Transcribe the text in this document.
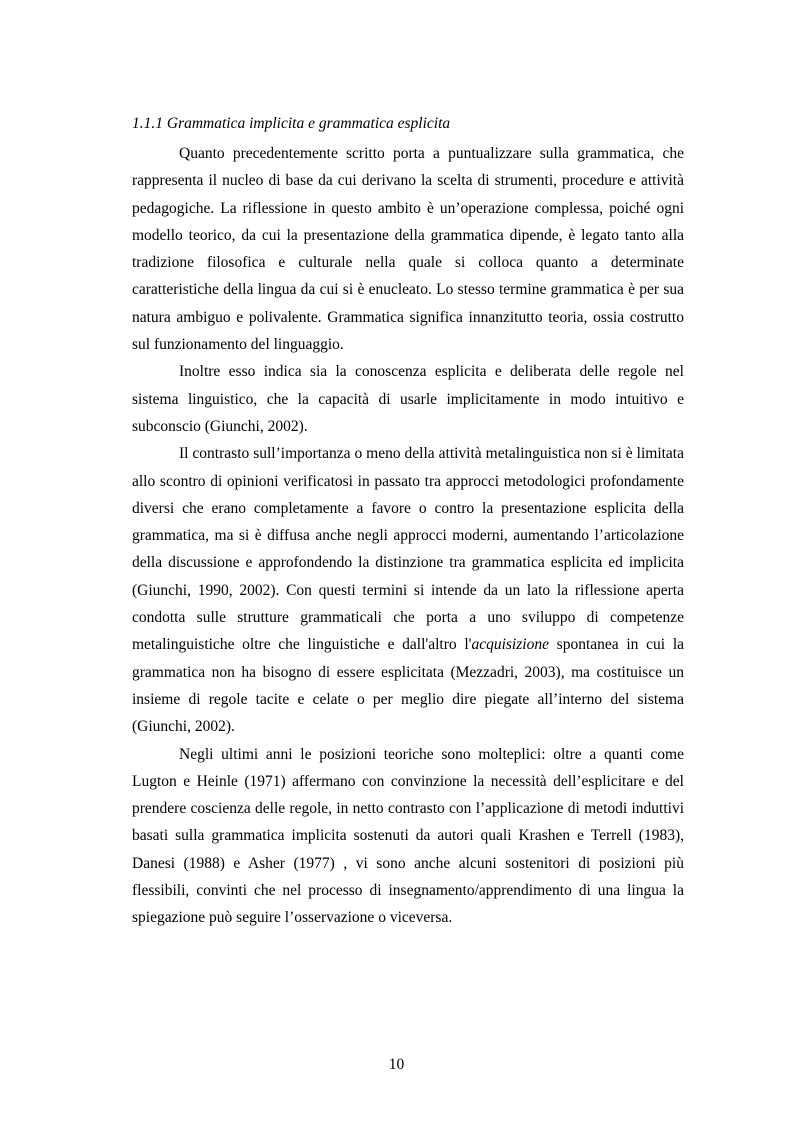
1.1.1 Grammatica implicita e grammatica esplicita

Quanto precedentemente scritto porta a puntualizzare sulla grammatica, che rappresenta il nucleo di base da cui derivano la scelta di strumenti, procedure e attività pedagogiche. La riflessione in questo ambito è un’operazione complessa, poiché ogni modello teorico, da cui la presentazione della grammatica dipende, è legato tanto alla tradizione filosofica e culturale nella quale si colloca quanto a determinate caratteristiche della lingua da cui si è enucleato. Lo stesso termine grammatica è per sua natura ambiguo e polivalente. Grammatica significa innanzitutto teoria, ossia costrutto sul funzionamento del linguaggio.

Inoltre esso indica sia la conoscenza esplicita e deliberata delle regole nel sistema linguistico, che la capacità di usarle implicitamente in modo intuitivo e subconscio (Giunchi, 2002).

Il contrasto sull’importanza o meno della attività metalinguistica non si è limitata allo scontro di opinioni verificatosi in passato tra approcci metodologici profondamente diversi che erano completamente a favore o contro la presentazione esplicita della grammatica, ma si è diffusa anche negli approcci moderni, aumentando l’articolazione della discussione e approfondendo la distinzione tra grammatica esplicita ed implicita (Giunchi, 1990, 2002). Con questi termini si intende da un lato la riflessione aperta condotta sulle strutture grammaticali che porta a uno sviluppo di competenze metalinguistiche oltre che linguistiche e dall'altro l'acquisizione spontanea in cui la grammatica non ha bisogno di essere esplicitata (Mezzadri, 2003), ma costituisce un insieme di regole tacite e celate o per meglio dire piegate all’interno del sistema (Giunchi, 2002).

Negli ultimi anni le posizioni teoriche sono molteplici: oltre a quanti come Lugton e Heinle (1971) affermano con convinzione la necessità dell’esplicitare e del prendere coscienza delle regole, in netto contrasto con l’applicazione di metodi induttivi basati sulla grammatica implicita sostenuti da autori quali Krashen e Terrell (1983), Danesi (1988) e Asher (1977) , vi sono anche alcuni sostenitori di posizioni più flessibili, convinti che nel processo di insegnamento/apprendimento di una lingua la spiegazione può seguire l’osservazione o viceversa.

10
